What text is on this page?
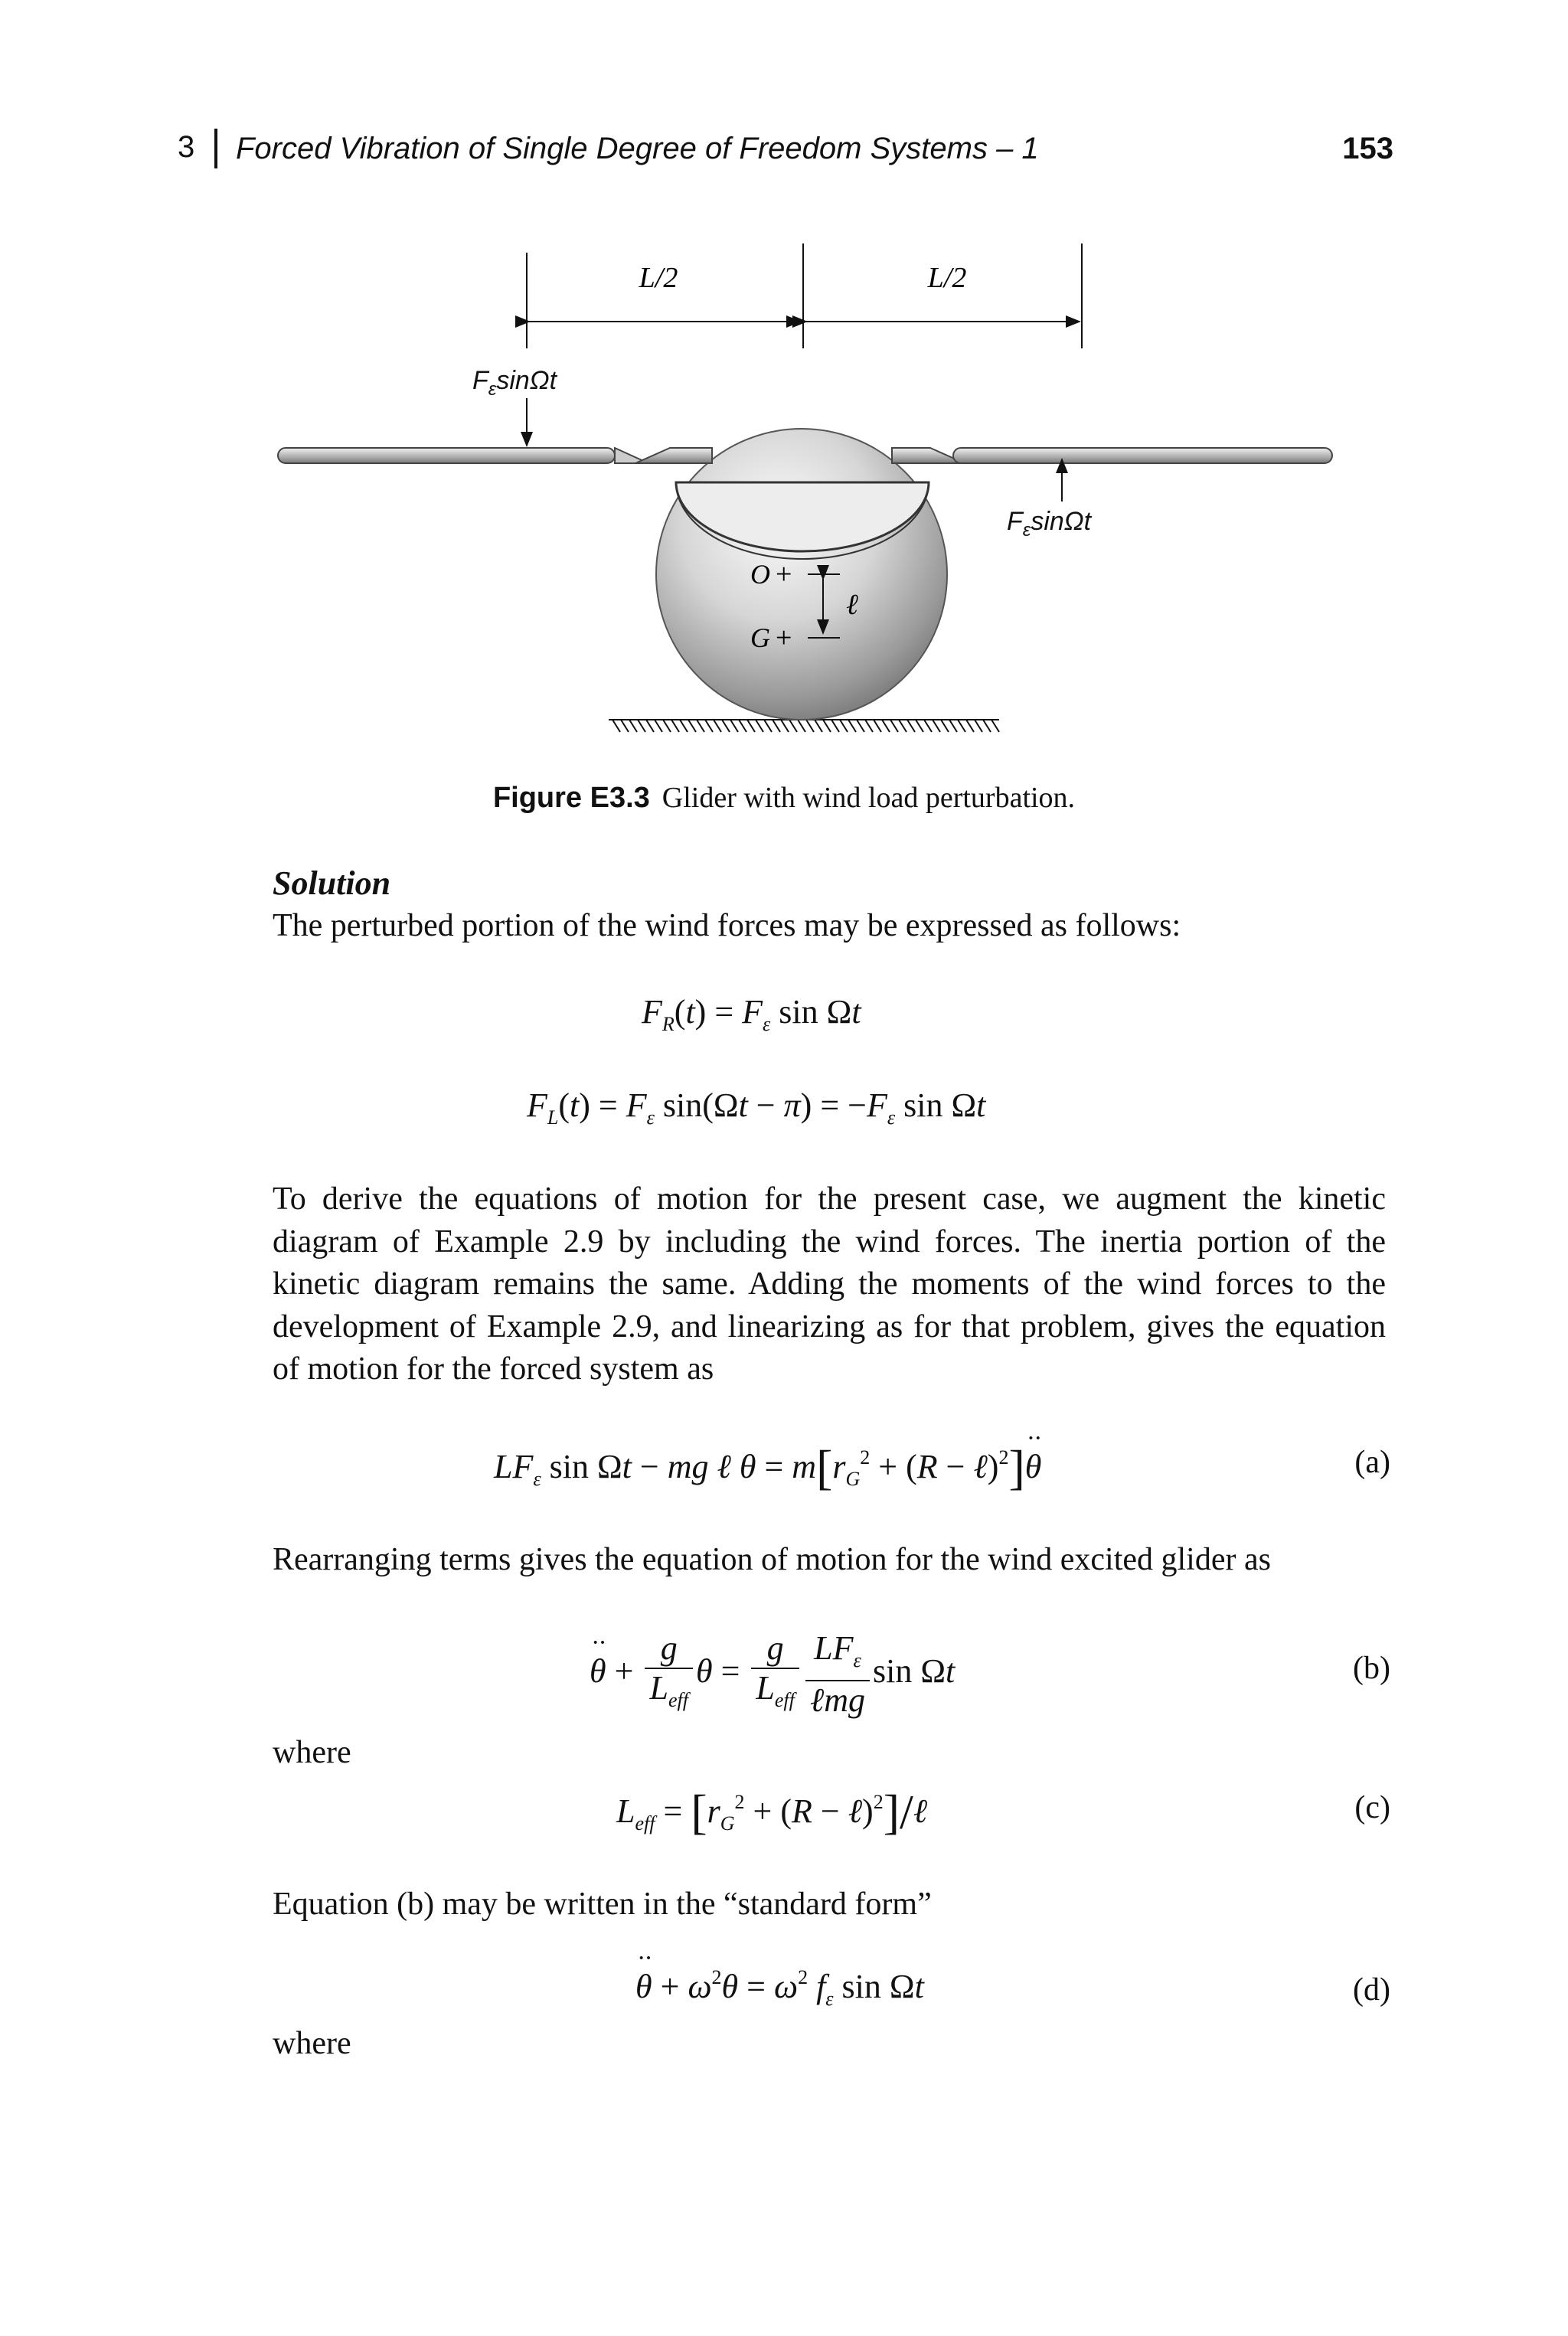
3 Forced Vibration of Single Degree of Freedom Systems – 1	153
L/2	L/2
$F_\varepsilon\sin\Omega t$
$F_\varepsilon\sin\Omega t$
O +
G +
ℓ
Figure E3.3 Glider with wind load perturbation.
Solution
The perturbed portion of the wind forces may be expressed as follows:
$F_R(t) = F_\varepsilon$ sin Ωt
$F_L(t) = F_\varepsilon$ $\sin(\Omega t - \pi) = -F_\varepsilon$ sin Ωt
To derive the equations of motion for the present case, we augment the kinetic diagram of Example 2.9 by including the wind forces. The inertia portion of the kinetic diagram remains the same. Adding the moments of the wind forces to the development of Example 2.9, and linearizing as for that problem, gives the equation of motion for the forced system as
$LF_\varepsilon$ sin Ωt − mg ℓ $\theta = m[r_G^2 + (R$ − ℓ)$^2$]·· θ	(a)
Rearranging terms gives the equation of motion for the wind excited glider as
·· $\theta + \frac{g}{L_{eff}}$ $\theta = \frac{g}{L_{eff}} \frac{LF_\varepsilon}{\text{ℓmg}}$ sin Ωt	(b)
where
$L_{eff} = [r_G^2 + (R$ − ℓ)$^2$]/ℓ	(c)
Equation (b) may be written in the “standard form”
·· $\theta + \omega^2\theta = \omega^2$ $f_\varepsilon$ sin Ωt	(d)
where
